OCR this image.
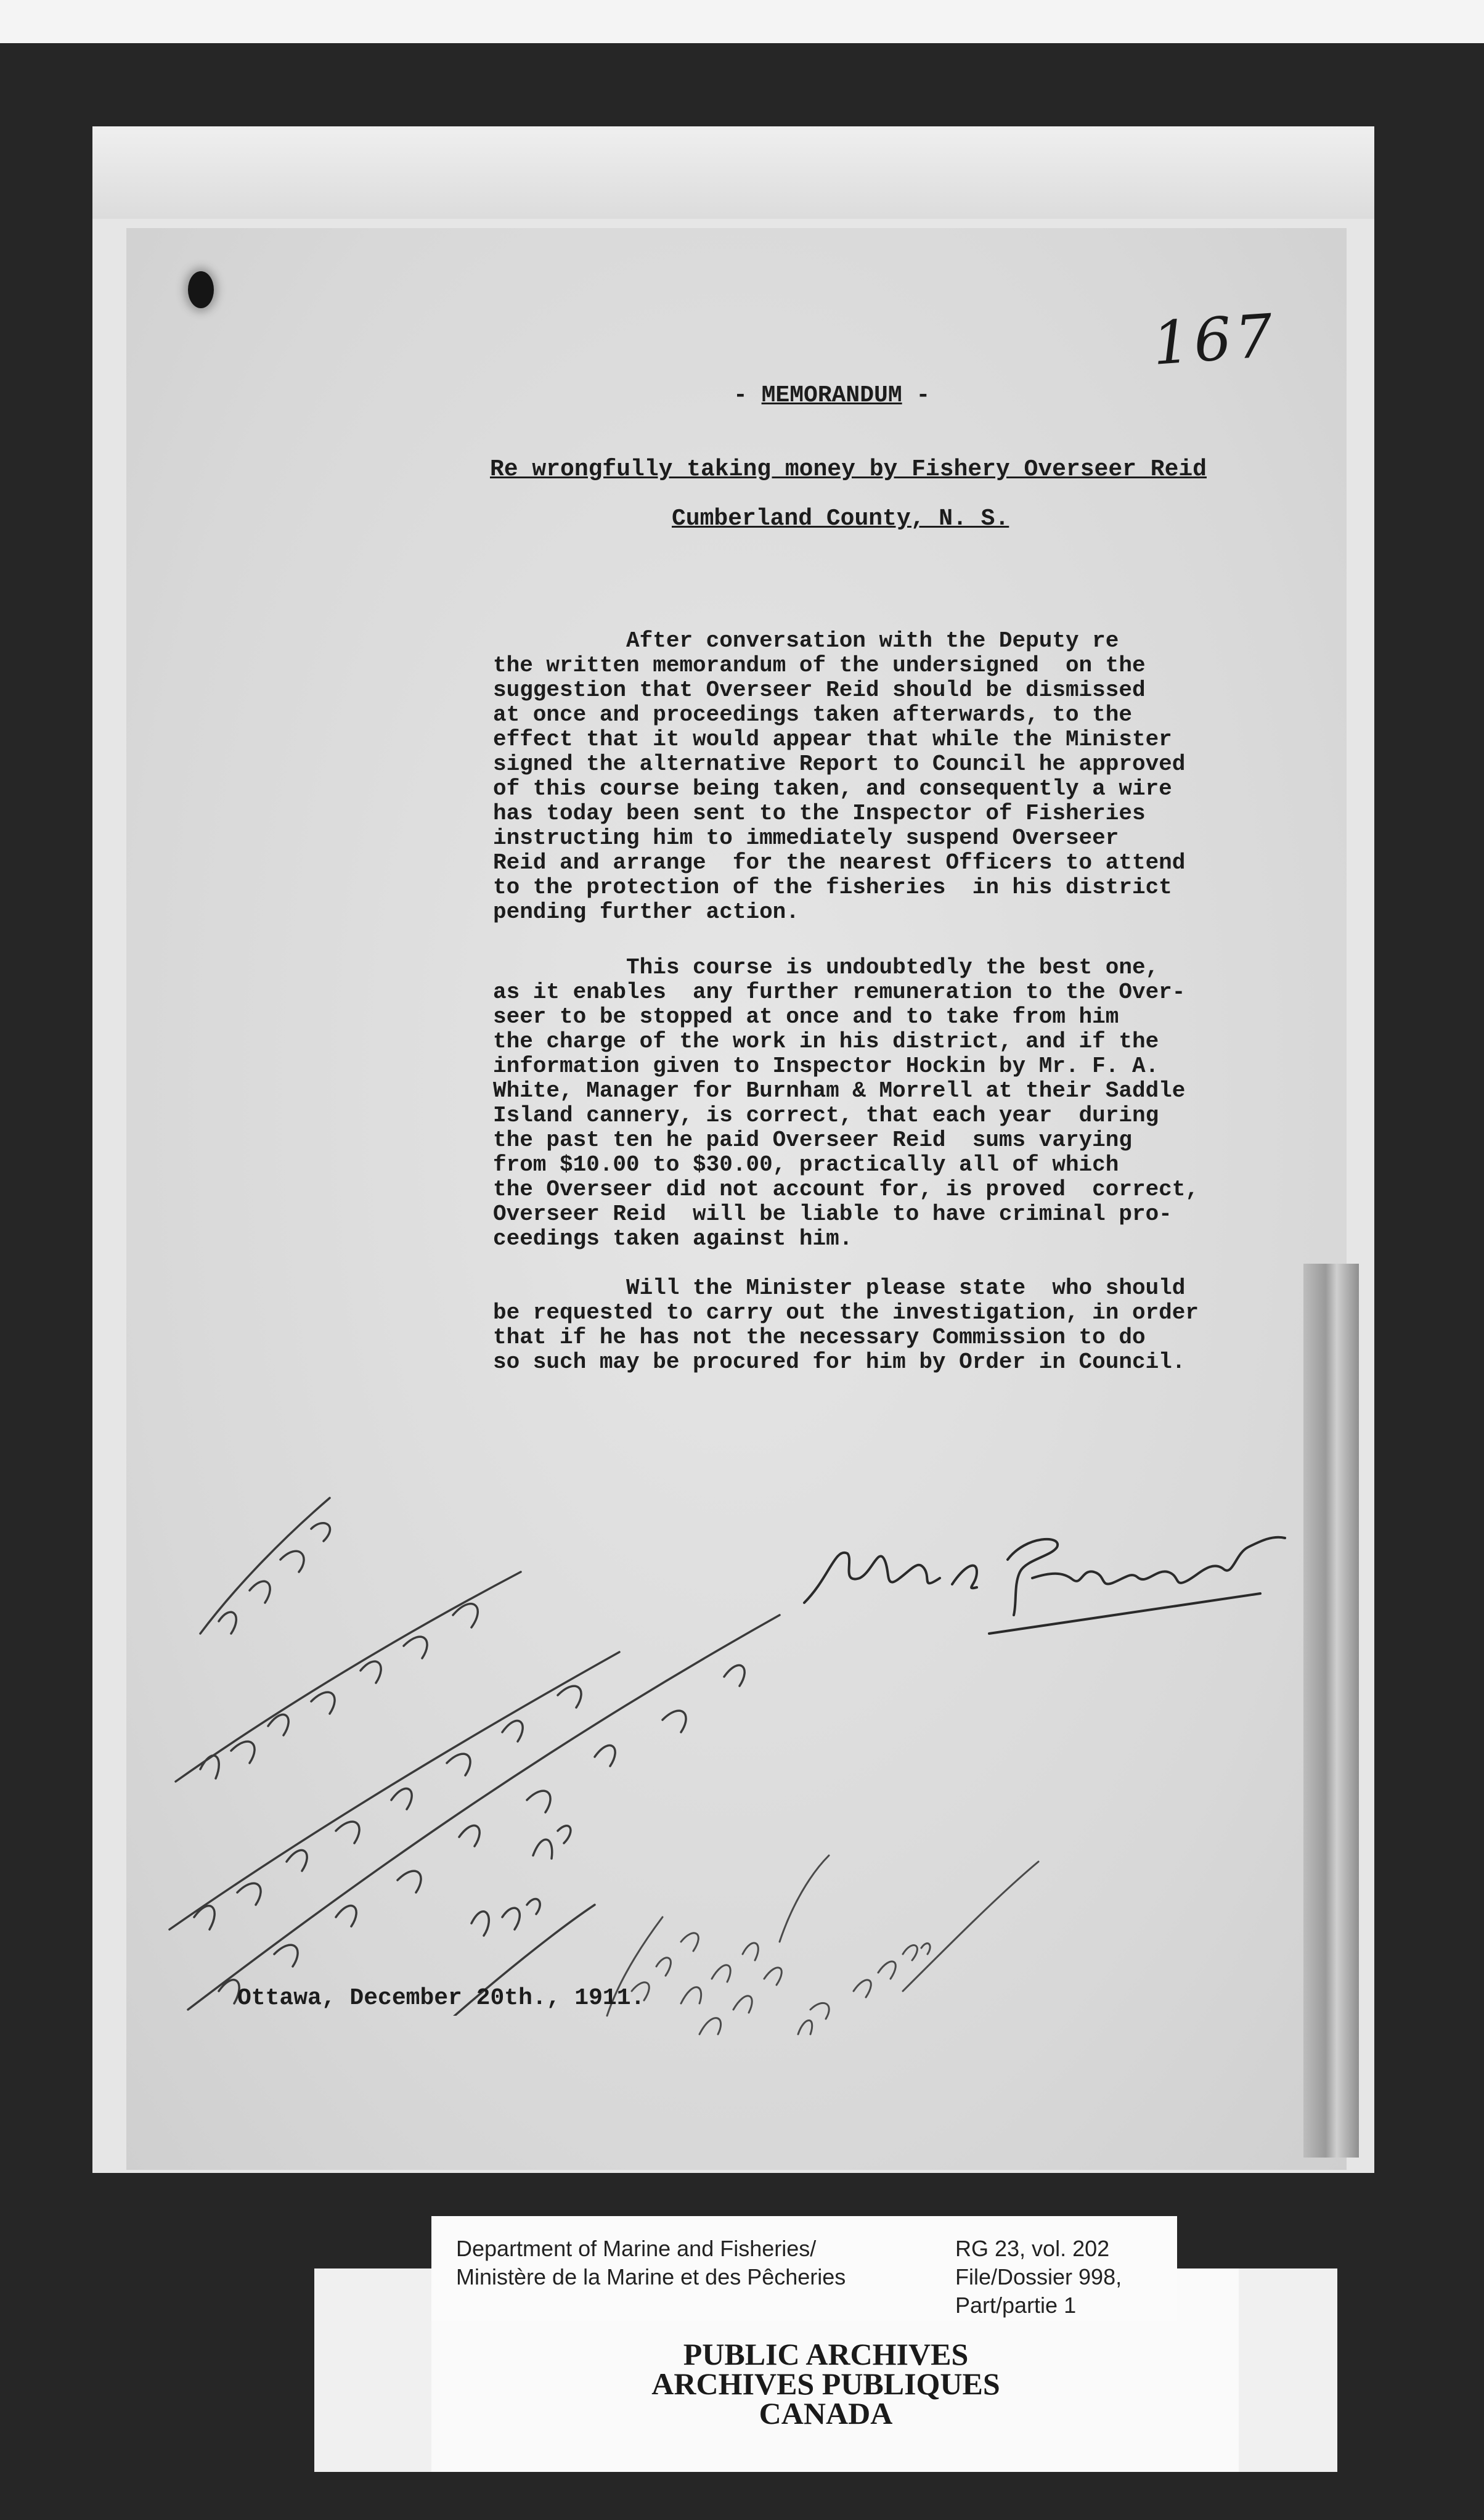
167
- MEMORANDUM -
Re wrongfully taking money by Fishery Overseer Reid
Cumberland County, N. S.

After conversation with the Deputy re
the written memorandum of the undersigned  on the
suggestion that Overseer Reid should be dismissed
at once and proceedings taken afterwards, to the
effect that it would appear that while the Minister
signed the alternative Report to Council he approved
of this course being taken, and consequently a wire
has today been sent to the Inspector of Fisheries
instructing him to immediately suspend Overseer
Reid and arrange  for the nearest Officers to attend
to the protection of the fisheries  in his district
pending further action.

This course is undoubtedly the best one,
as it enables  any further remuneration to the Over-
seer to be stopped at once and to take from him
the charge of the work in his district, and if the
information given to Inspector Hockin by Mr. F. A.
White, Manager for Burnham & Morrell at their Saddle
Island cannery, is correct, that each year  during
the past ten he paid Overseer Reid  sums varying
from $10.00 to $30.00, practically all of which
the Overseer did not account for, is proved  correct,
Overseer Reid  will be liable to have criminal pro-
ceedings taken against him.

Will the Minister please state  who should
be requested to carry out the investigation, in order
that if he has not the necessary Commission to do
so such may be procured for him by Order in Council.

Ottawa, December 20th., 1911.
PUBLIC ARCHIVES
ARCHIVES PUBLIQUES
CANADA
Department of Marine and Fisheries/
Ministère de la Marine et des Pêcheries
RG 23, vol. 202
File/Dossier 998,
Part/partie 1
